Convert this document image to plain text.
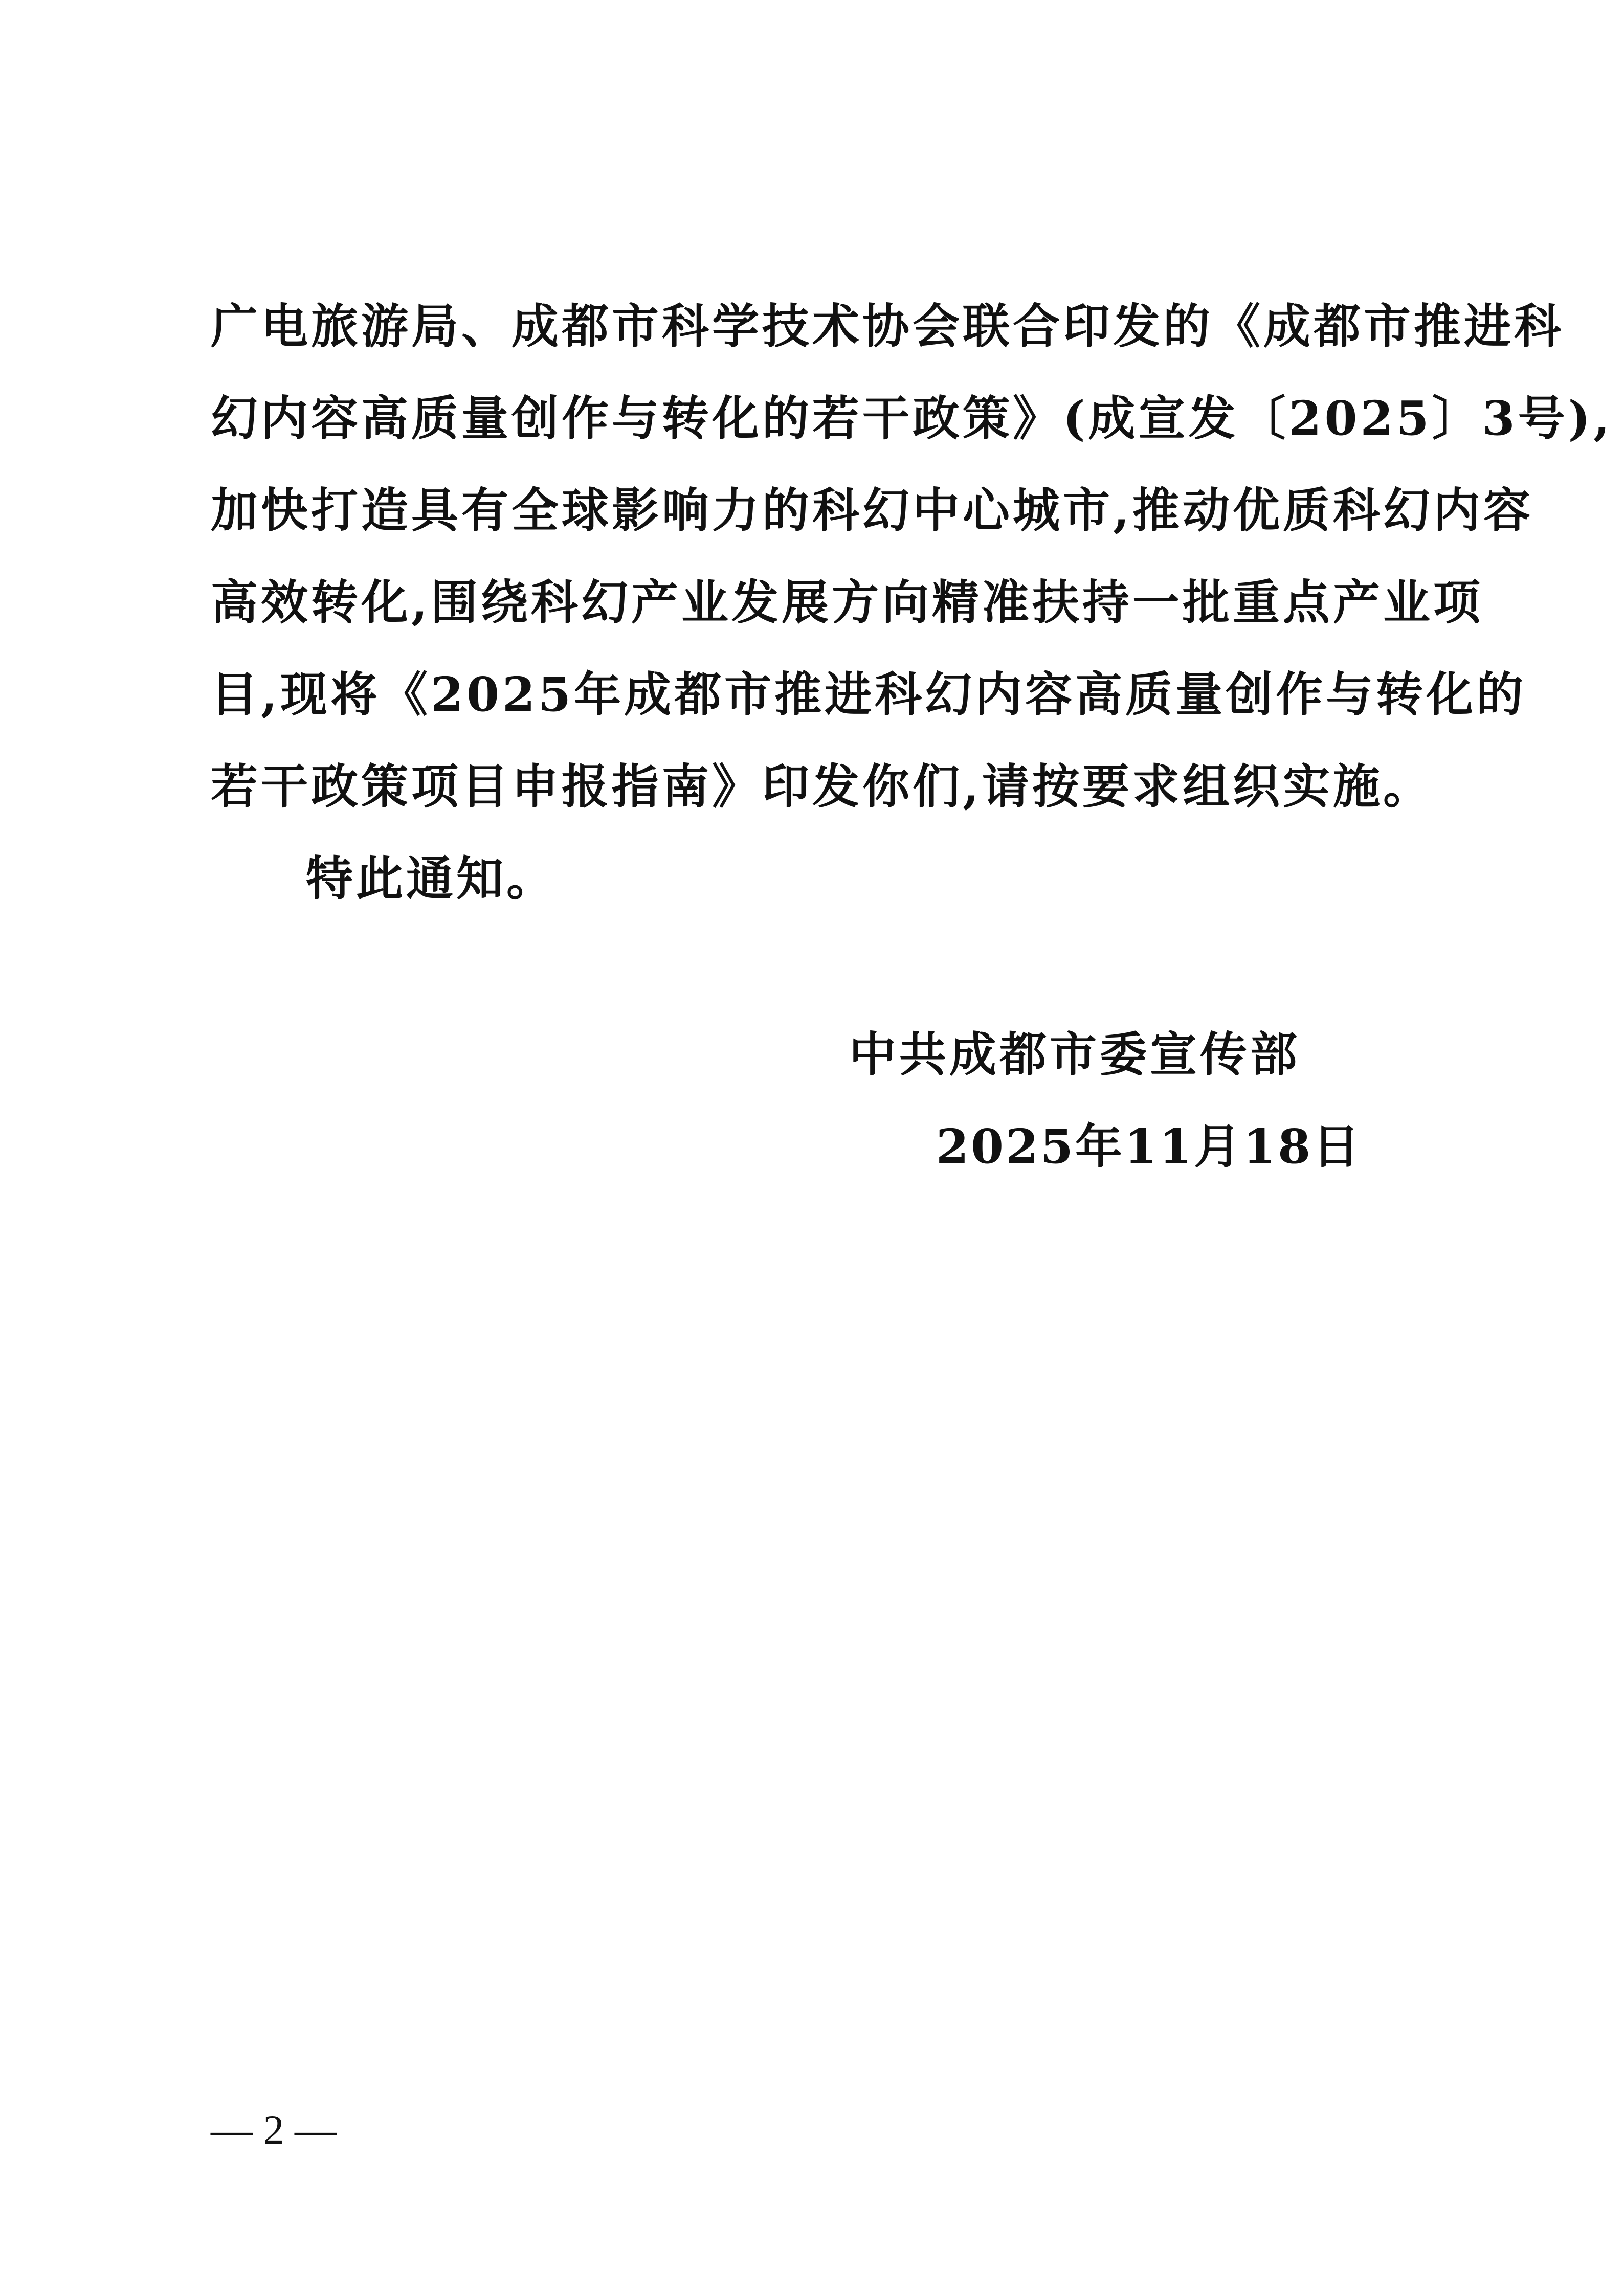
广电旅游局、成都市科学技术协会联合印发的《成都市推进科
幻内容高质量创作与转化的若干政策》(成宣发〔2025〕3号),
加快打造具有全球影响力的科幻中心城市,推动优质科幻内容
高效转化,围绕科幻产业发展方向精准扶持一批重点产业项
目,现将《2025年成都市推进科幻内容高质量创作与转化的
若干政策项目申报指南》印发你们,请按要求组织实施。
特此通知。
中共成都市委宣传部
2025年11月18日
— 2 —
